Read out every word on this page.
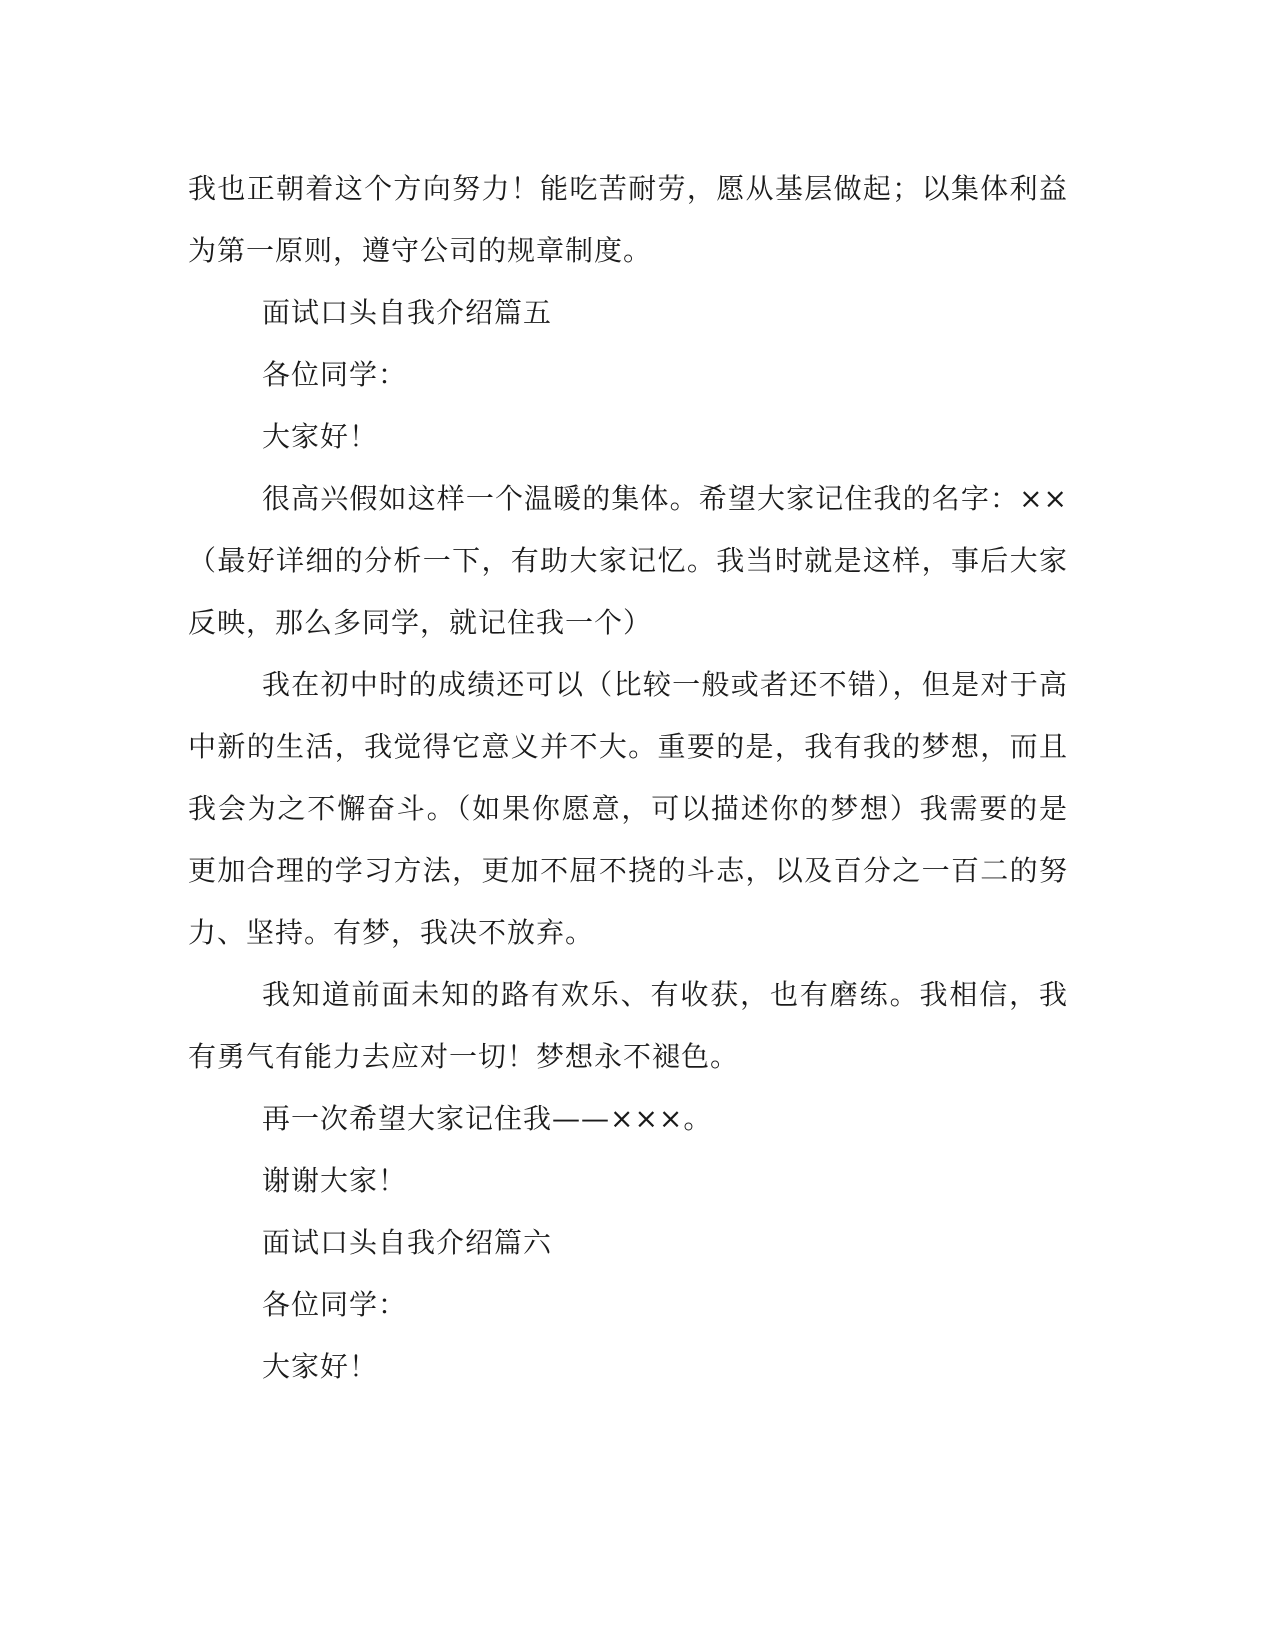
我也正朝着这个方向努力！能吃苦耐劳，愿从基层做起；以集体利益为第一原则，遵守公司的规章制度。

面试口头自我介绍篇五

各位同学：

大家好！

很高兴假如这样一个温暖的集体。希望大家记住我的名字：××（最好详细的分析一下，有助大家记忆。我当时就是这样，事后大家反映，那么多同学，就记住我一个）

我在初中时的成绩还可以（比较一般或者还不错），但是对于高中新的生活，我觉得它意义并不大。重要的是，我有我的梦想，而且我会为之不懈奋斗。（如果你愿意，可以描述你的梦想）我需要的是更加合理的学习方法，更加不屈不挠的斗志，以及百分之一百二的努力、坚持。有梦，我决不放弃。

我知道前面未知的路有欢乐、有收获，也有磨练。我相信，我有勇气有能力去应对一切！梦想永不褪色。

再一次希望大家记住我——×××。

谢谢大家！

面试口头自我介绍篇六

各位同学：

大家好！
